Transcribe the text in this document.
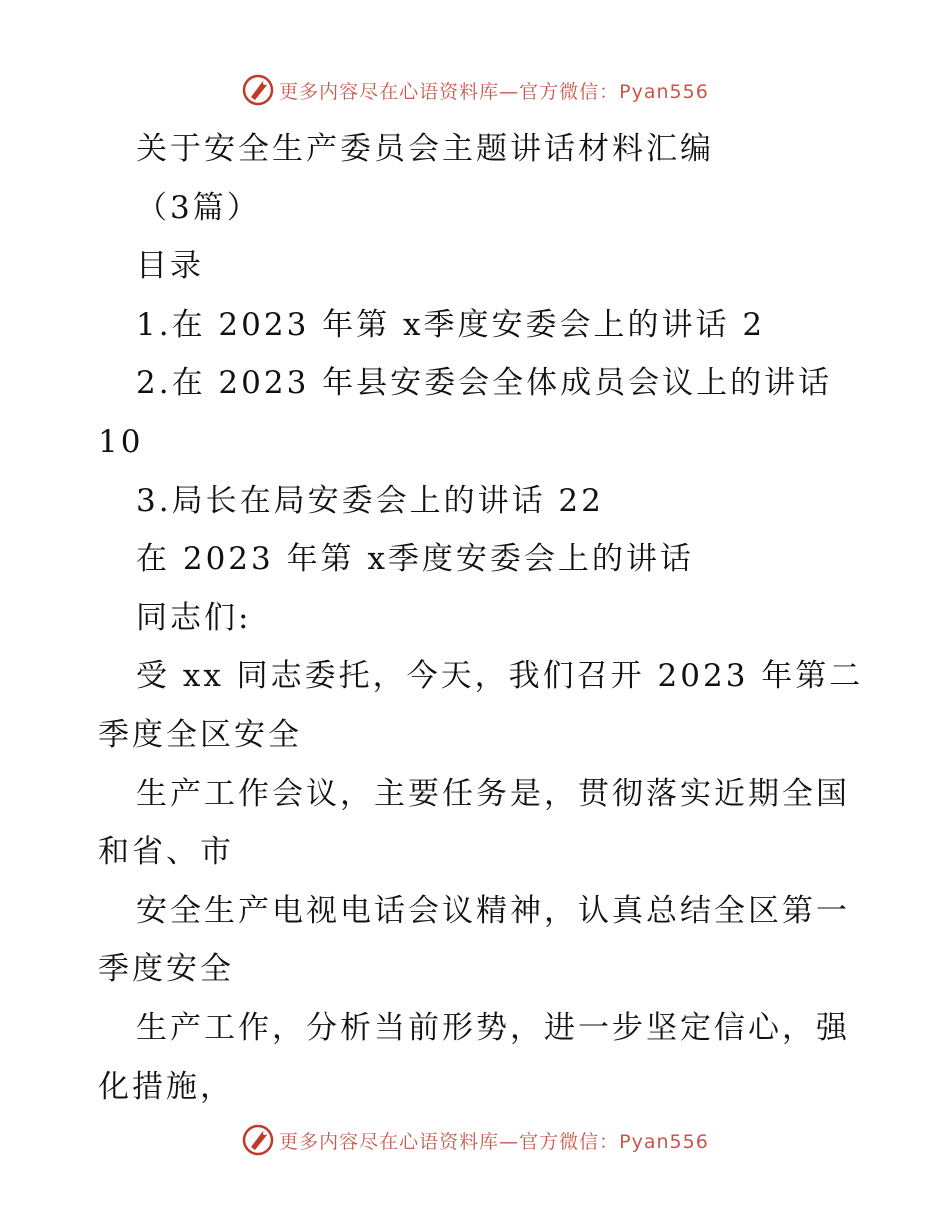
更多内容尽在心语资料库—官方微信：Pyan556
关于安全生产委员会主题讲话材料汇编
（3篇）
目录
1.在 2023 年第 x季度安委会上的讲话 2
2.在 2023 年县安委会全体成员会议上的讲话
10
3.局长在局安委会上的讲话 22
在 2023 年第 x季度安委会上的讲话
同志们:
受 xx 同志委托，今天，我们召开 2023 年第二
季度全区安全
生产工作会议，主要任务是，贯彻落实近期全国
和省、市
安全生产电视电话会议精神，认真总结全区第一
季度安全
生产工作，分析当前形势，进一步坚定信心，强
化措施，
更多内容尽在心语资料库—官方微信：Pyan556
